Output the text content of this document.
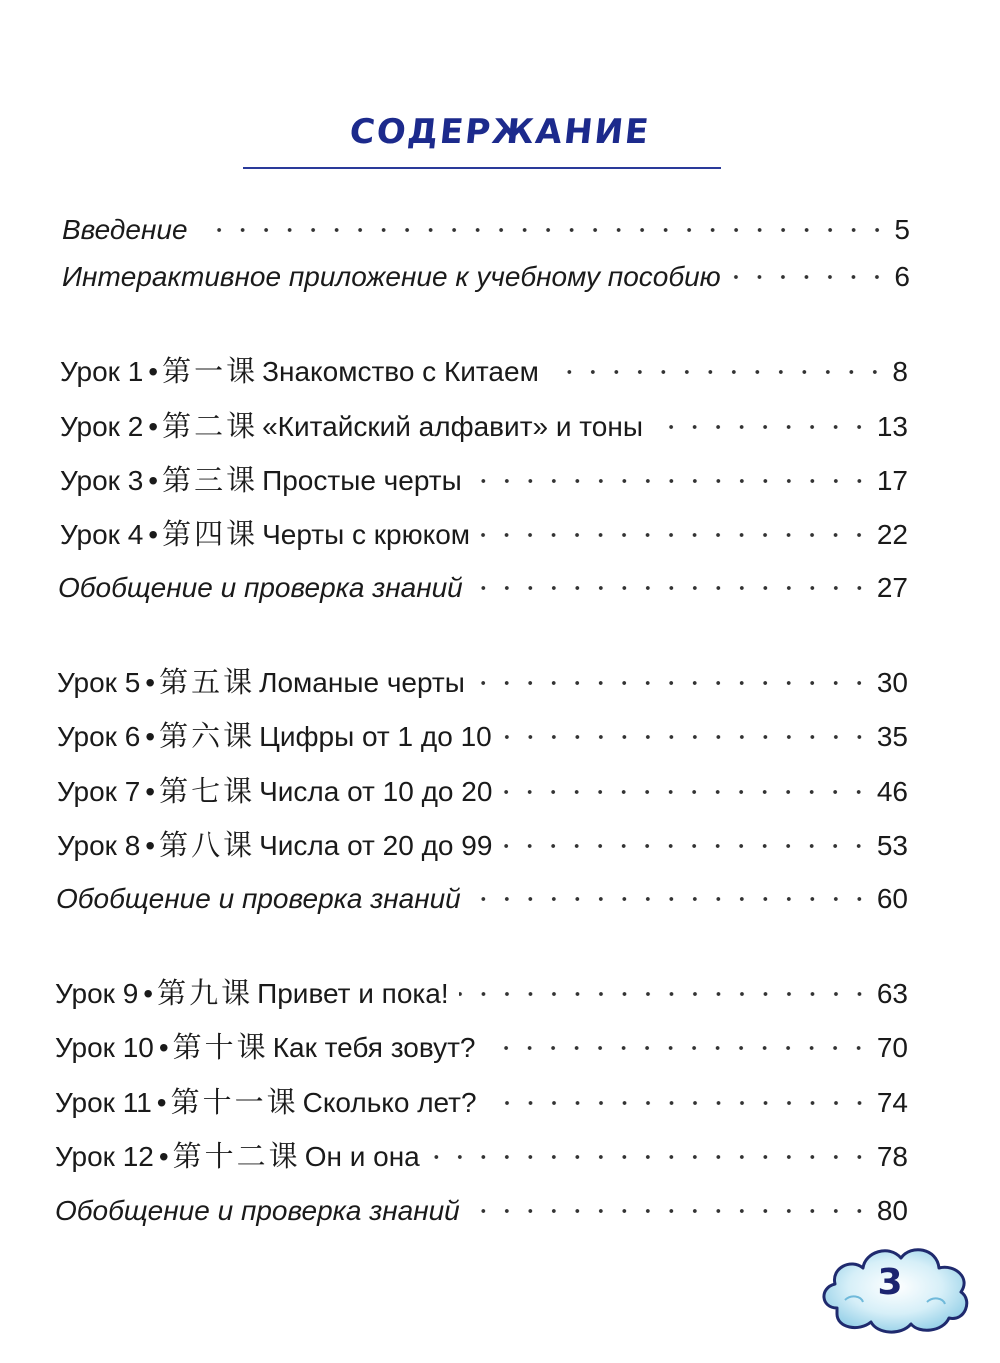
СОДЕРЖАНИЕ
Введение	5
Интерактивное приложение к учебному пособию	6
Урок 1 • 第一课 Знакомство с Китаем	8
Урок 2 • 第二课 «Китайский алфавит» и тоны	13
Урок 3 • 第三课 Простые черты	17
Урок 4 • 第四课 Черты с крюком	22
Обобщение и проверка знаний	27
Урок 5 • 第五课 Ломаные черты	30
Урок 6 • 第六课 Цифры от 1 до 10	35
Урок 7 • 第七课 Числа от 10 до 20	46
Урок 8 • 第八课 Числа от 20 до 99	53
Обобщение и проверка знаний	60
Урок 9 • 第九课 Привет и пока!	63
Урок 10 • 第十课 Как тебя зовут?	70
Урок 11 • 第十一课 Сколько лет?	74
Урок 12 • 第十二课 Он и она	78
Обобщение и проверка знаний	80
3
